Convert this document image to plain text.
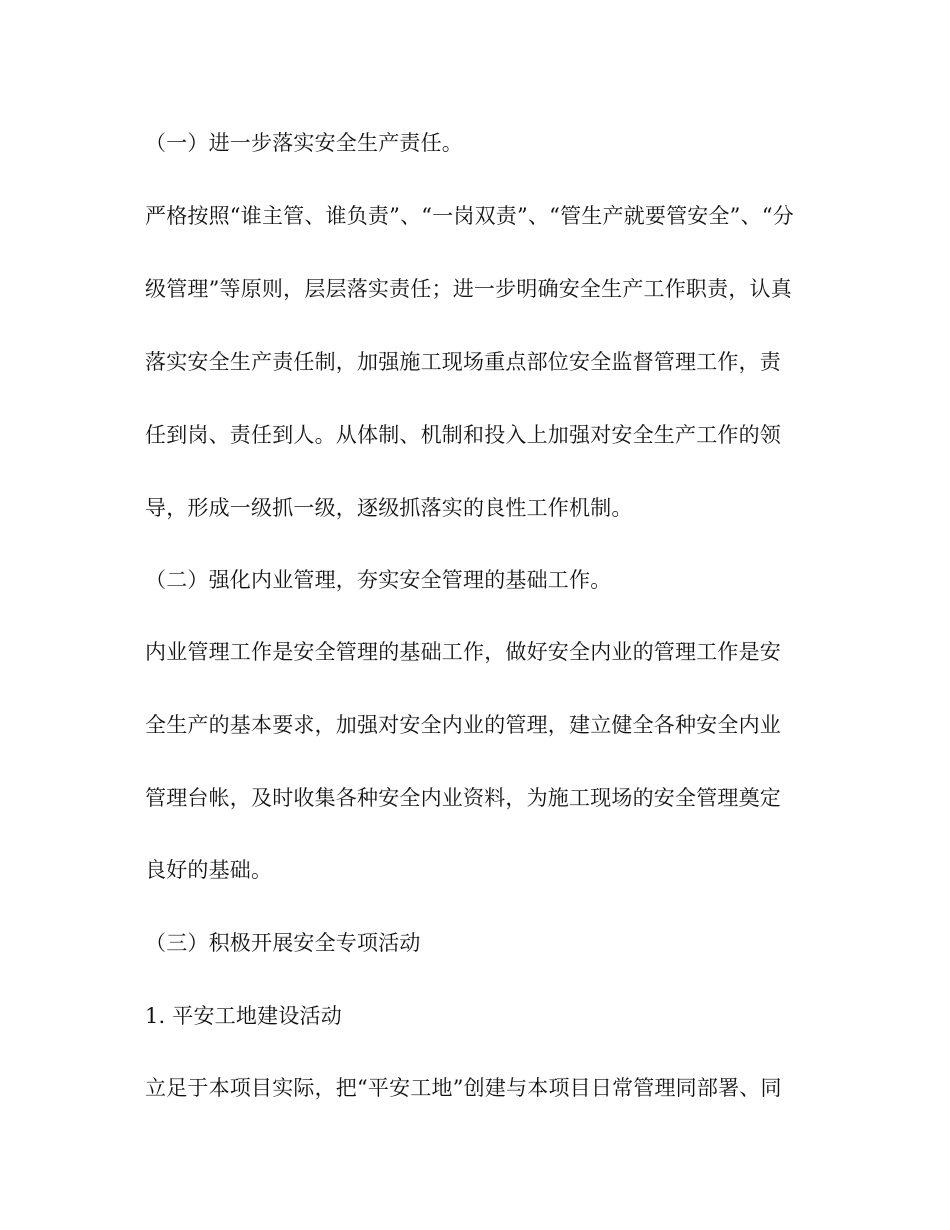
（一）进一步落实安全生产责任。
严格按照“谁主管、谁负责”、“一岗双责”、“管生产就要管安全”、“分
级管理”等原则，层层落实责任；进一步明确安全生产工作职责，认真
落实安全生产责任制，加强施工现场重点部位安全监督管理工作，责
任到岗、责任到人。从体制、机制和投入上加强对安全生产工作的领
导，形成一级抓一级，逐级抓落实的良性工作机制。
（二）强化内业管理，夯实安全管理的基础工作。
内业管理工作是安全管理的基础工作，做好安全内业的管理工作是安
全生产的基本要求，加强对安全内业的管理，建立健全各种安全内业
管理台帐，及时收集各种安全内业资料，为施工现场的安全管理奠定
良好的基础。
（三）积极开展安全专项活动
1. 平安工地建设活动
立足于本项目实际，把“平安工地”创建与本项目日常管理同部署、同
